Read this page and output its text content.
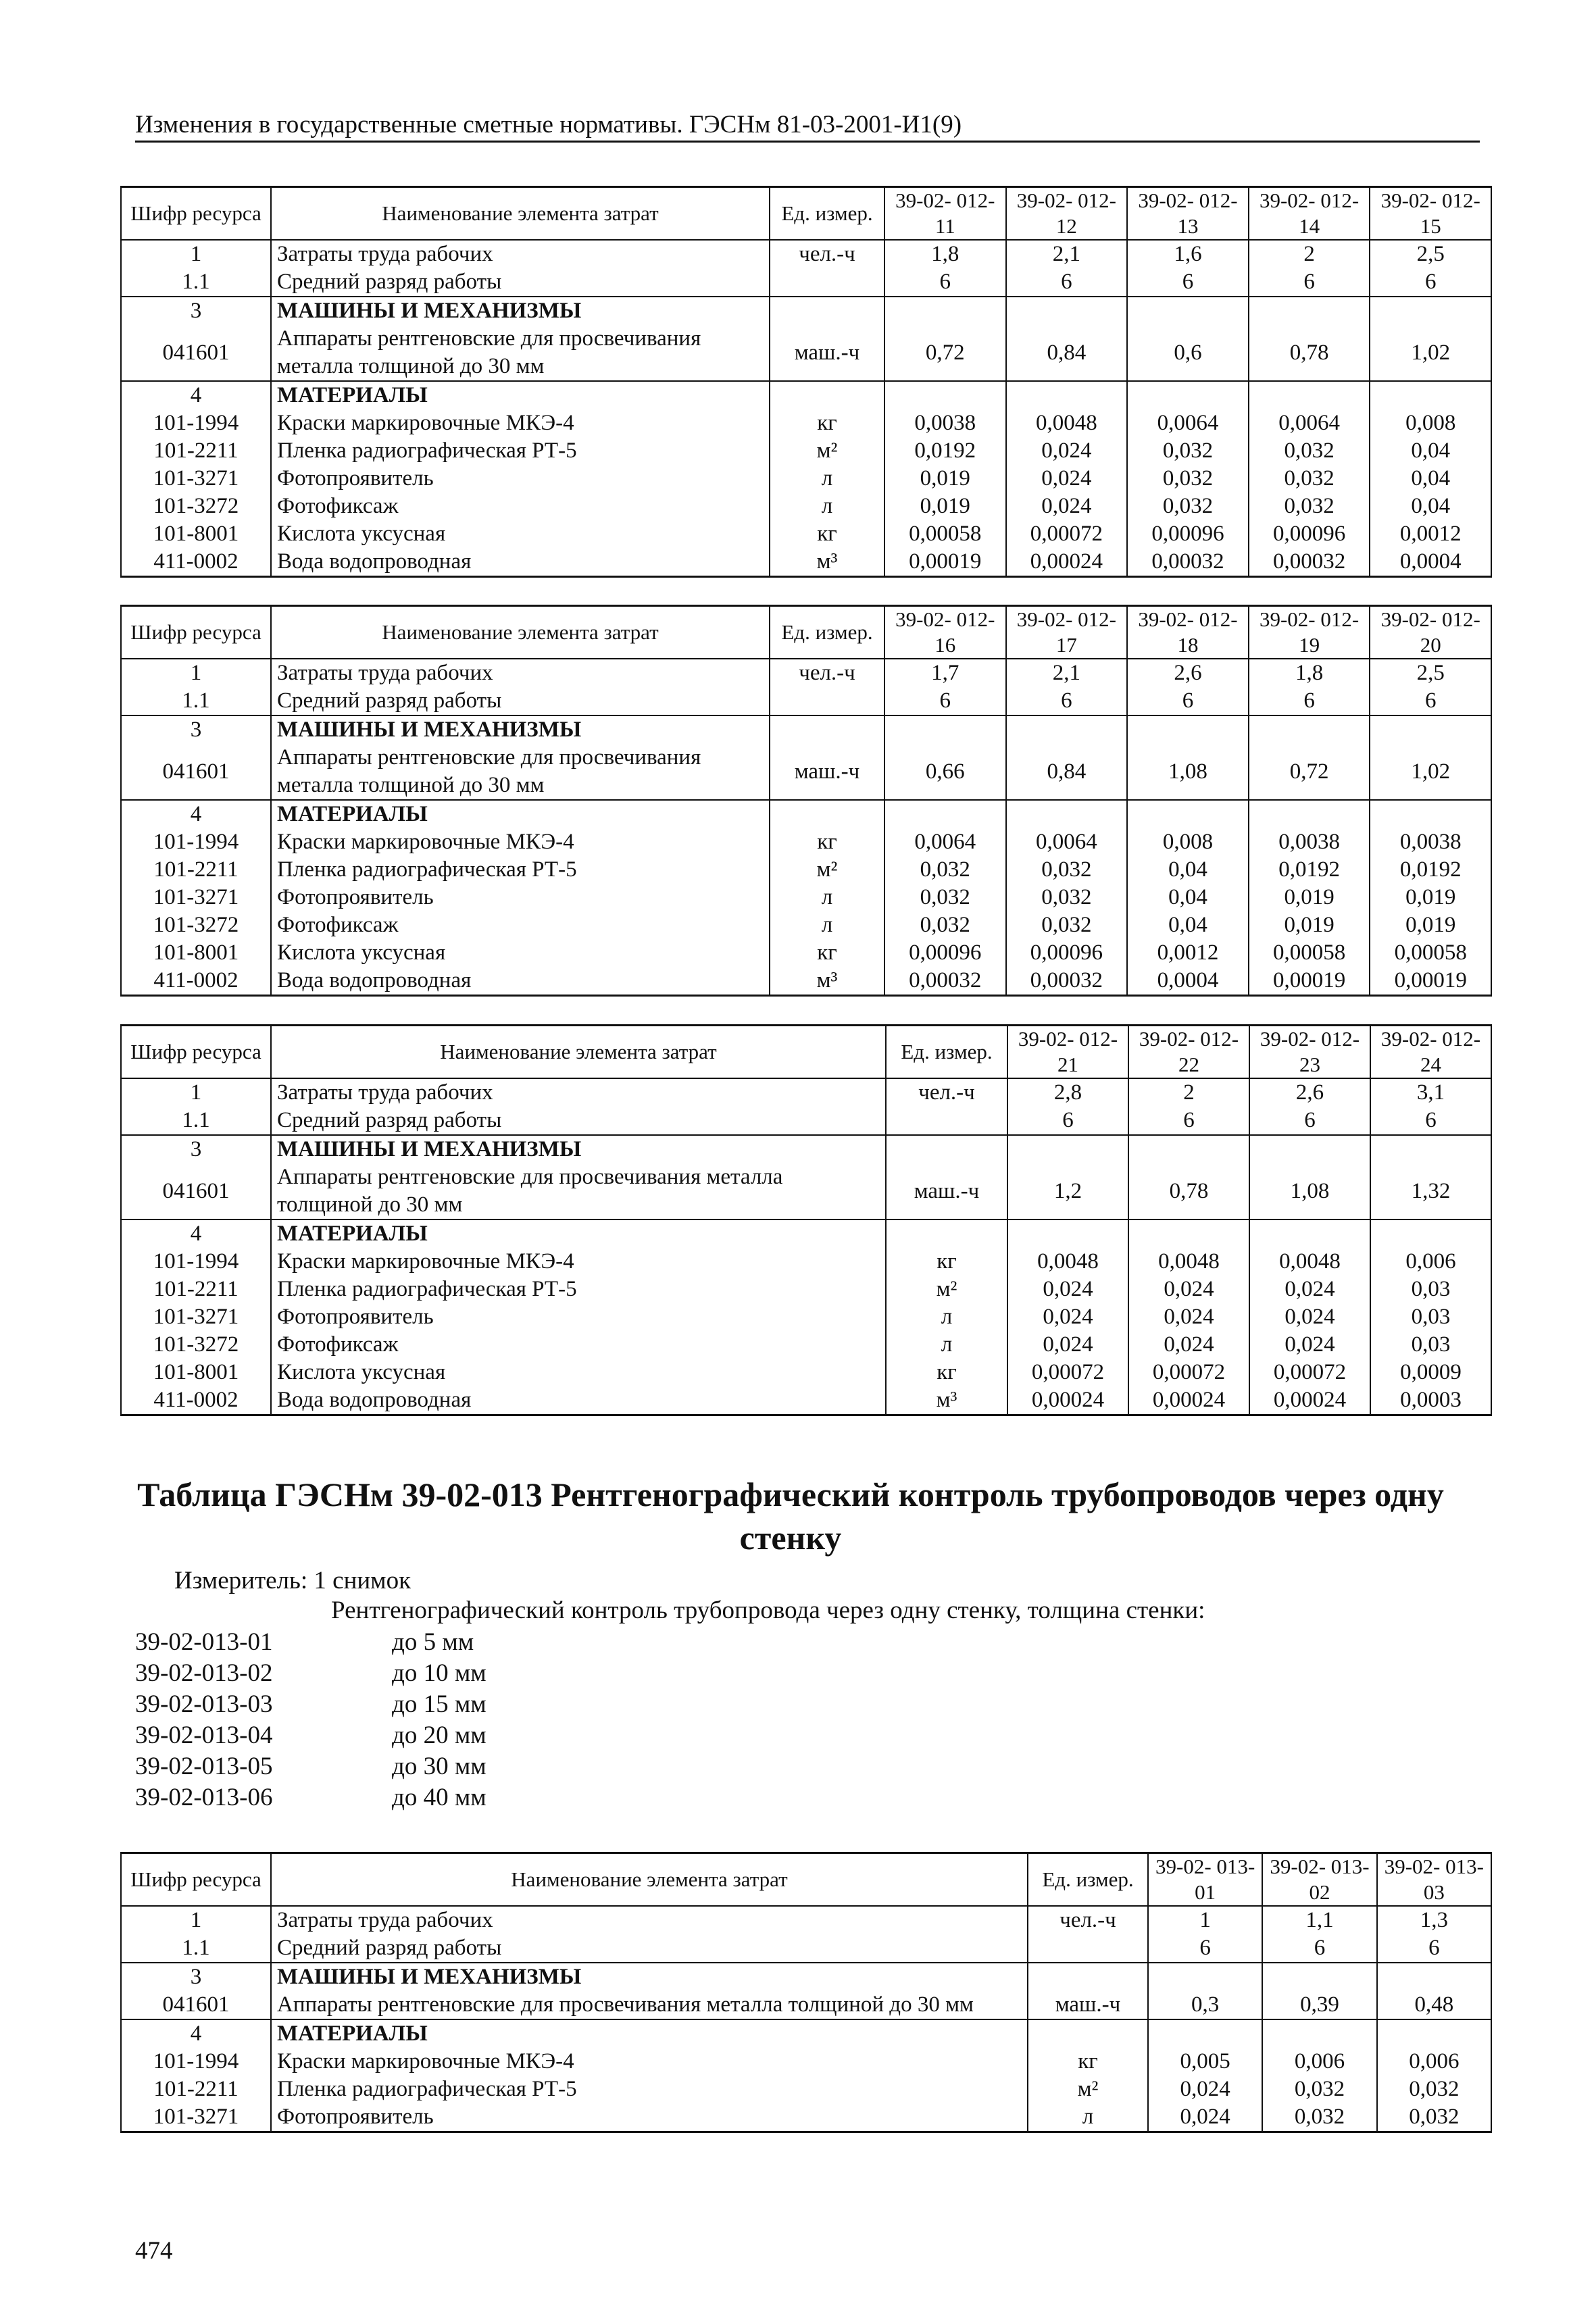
Изменения в государственные сметные нормативы. ГЭСНм 81-03-2001-И1(9)
Шифр ресурса	Наименование элемента затрат	Ед. измер.	39-02- 012-11	39-02- 012-12	39-02- 012-13	39-02- 012-14	39-02- 012-15
1	Затраты труда рабочих	чел.-ч	1,8	2,1	1,6	2	2,5
1.1	Средний разряд работы		6	6	6	6	6
3	МАШИНЫ И МЕХАНИЗМЫ						
041601	Аппараты рентгеновские для просвечивания металла толщиной до 30 мм	маш.-ч	0,72	0,84	0,6	0,78	1,02
4	МАТЕРИАЛЫ						
101-1994	Краски маркировочные МКЭ-4	кг	0,0038	0,0048	0,0064	0,0064	0,008
101-2211	Пленка радиографическая РТ-5	м²	0,0192	0,024	0,032	0,032	0,04
101-3271	Фотопроявитель	л	0,019	0,024	0,032	0,032	0,04
101-3272	Фотофиксаж	л	0,019	0,024	0,032	0,032	0,04
101-8001	Кислота уксусная	кг	0,00058	0,00072	0,00096	0,00096	0,0012
411-0002	Вода водопроводная	м³	0,00019	0,00024	0,00032	0,00032	0,0004
Шифр ресурса	Наименование элемента затрат	Ед. измер.	39-02- 012-16	39-02- 012-17	39-02- 012-18	39-02- 012-19	39-02- 012-20
1	Затраты труда рабочих	чел.-ч	1,7	2,1	2,6	1,8	2,5
1.1	Средний разряд работы		6	6	6	6	6
3	МАШИНЫ И МЕХАНИЗМЫ						
041601	Аппараты рентгеновские для просвечивания металла толщиной до 30 мм	маш.-ч	0,66	0,84	1,08	0,72	1,02
4	МАТЕРИАЛЫ						
101-1994	Краски маркировочные МКЭ-4	кг	0,0064	0,0064	0,008	0,0038	0,0038
101-2211	Пленка радиографическая РТ-5	м²	0,032	0,032	0,04	0,0192	0,0192
101-3271	Фотопроявитель	л	0,032	0,032	0,04	0,019	0,019
101-3272	Фотофиксаж	л	0,032	0,032	0,04	0,019	0,019
101-8001	Кислота уксусная	кг	0,00096	0,00096	0,0012	0,00058	0,00058
411-0002	Вода водопроводная	м³	0,00032	0,00032	0,0004	0,00019	0,00019
Шифр ресурса	Наименование элемента затрат	Ед. измер.	39-02- 012-21	39-02- 012-22	39-02- 012-23	39-02- 012-24
1	Затраты труда рабочих	чел.-ч	2,8	2	2,6	3,1
1.1	Средний разряд работы		6	6	6	6
3	МАШИНЫ И МЕХАНИЗМЫ					
041601	Аппараты рентгеновские для просвечивания металла толщиной до 30 мм	маш.-ч	1,2	0,78	1,08	1,32
4	МАТЕРИАЛЫ					
101-1994	Краски маркировочные МКЭ-4	кг	0,0048	0,0048	0,0048	0,006
101-2211	Пленка радиографическая РТ-5	м²	0,024	0,024	0,024	0,03
101-3271	Фотопроявитель	л	0,024	0,024	0,024	0,03
101-3272	Фотофиксаж	л	0,024	0,024	0,024	0,03
101-8001	Кислота уксусная	кг	0,00072	0,00072	0,00072	0,0009
411-0002	Вода водопроводная	м³	0,00024	0,00024	0,00024	0,0003
Таблица ГЭСНм 39-02-013 Рентгенографический контроль трубопроводов через одну стенку
Измеритель: 1 снимок
Рентгенографический контроль трубопровода через одну стенку, толщина стенки:
39-02-013-01	до 5 мм
39-02-013-02	до 10 мм
39-02-013-03	до 15 мм
39-02-013-04	до 20 мм
39-02-013-05	до 30 мм
39-02-013-06	до 40 мм
Шифр ресурса	Наименование элемента затрат	Ед. измер.	39-02- 013-01	39-02- 013-02	39-02- 013-03
1	Затраты труда рабочих	чел.-ч	1	1,1	1,3
1.1	Средний разряд работы		6	6	6
3	МАШИНЫ И МЕХАНИЗМЫ				
041601	Аппараты рентгеновские для просвечивания металла толщиной до 30 мм	маш.-ч	0,3	0,39	0,48
4	МАТЕРИАЛЫ				
101-1994	Краски маркировочные МКЭ-4	кг	0,005	0,006	0,006
101-2211	Пленка радиографическая РТ-5	м²	0,024	0,032	0,032
101-3271	Фотопроявитель	л	0,024	0,032	0,032
474
